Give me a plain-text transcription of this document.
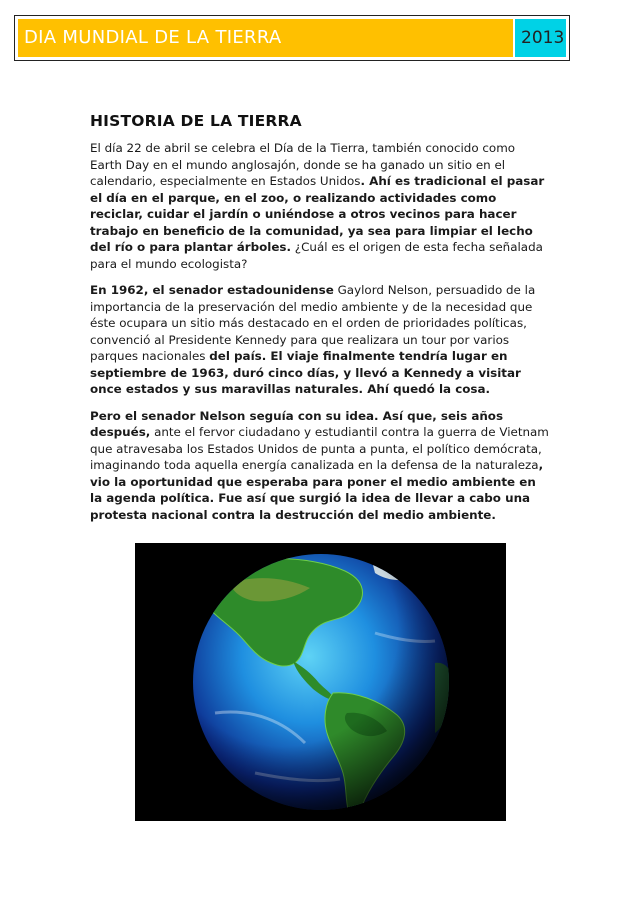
DIA MUNDIAL DE LA TIERRA	2013
HISTORIA DE LA TIERRA

El día 22 de abril se celebra el Día de la Tierra, también conocido como Earth Day en el mundo anglosajón, donde se ha ganado un sitio en el calendario, especialmente en Estados Unidos. Ahí es tradicional el pasar el día en el parque, en el zoo, o realizando actividades como reciclar, cuidar el jardín o uniéndose a otros vecinos para hacer trabajo en beneficio de la comunidad, ya sea para limpiar el lecho del río o para plantar árboles. ¿Cuál es el origen de esta fecha señalada para el mundo ecologista?

En 1962, el senador estadounidense Gaylord Nelson, persuadido de la importancia de la preservación del medio ambiente y de la necesidad que éste ocupara un sitio más destacado en el orden de prioridades políticas, convenció al Presidente Kennedy para que realizara un tour por varios parques nacionales del país. El viaje finalmente tendría lugar en septiembre de 1963, duró cinco días, y llevó a Kennedy a visitar once estados y sus maravillas naturales. Ahí quedó la cosa.

Pero el senador Nelson seguía con su idea. Así que, seis años después, ante el fervor ciudadano y estudiantil contra la guerra de Vietnam que atravesaba los Estados Unidos de punta a punta, el político demócrata, imaginando toda aquella energía canalizada en la defensa de la naturaleza, vio la oportunidad que esperaba para poner el medio ambiente en la agenda política. Fue así que surgió la idea de llevar a cabo una protesta nacional contra la destrucción del medio ambiente.
